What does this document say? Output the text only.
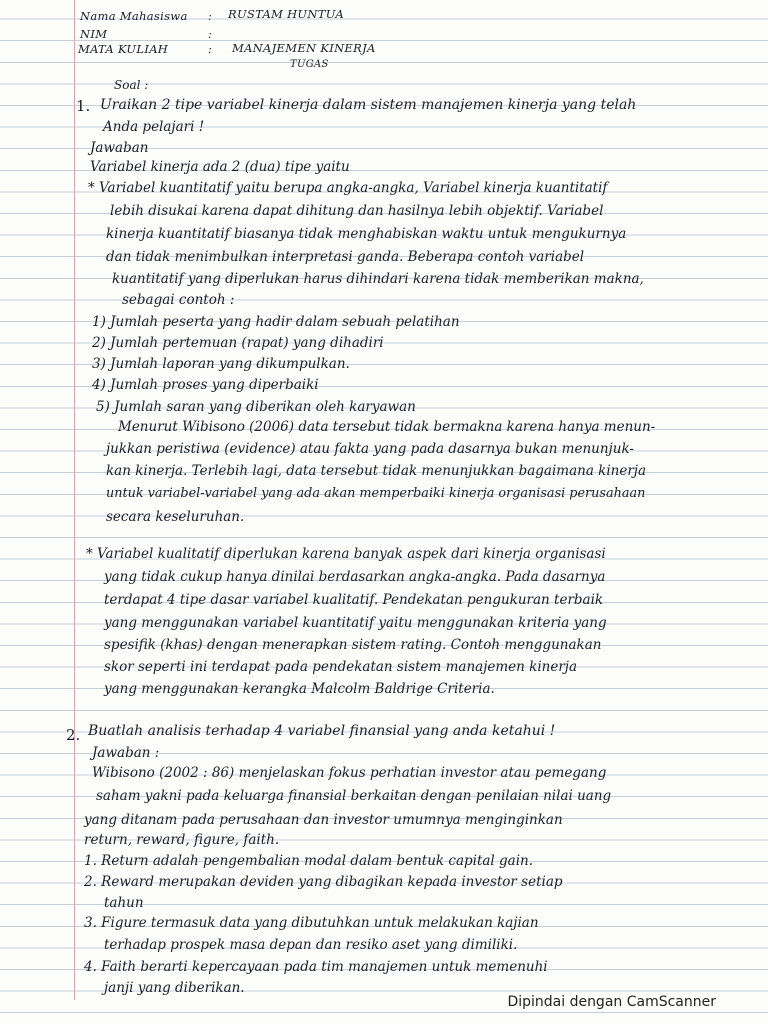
Nama Mahasiswa : RUSTAM HUNTUA
NIM	:
MATA KULIAH	: MANAJEMEN KINERJA
TUGAS
Soal :
1. Uraikan 2 tipe variabel kinerja dalam sistem manajemen kinerja yang telah
Anda pelajari !
Jawaban
Variabel kinerja ada 2 (dua) tipe yaitu
* Variabel kuantitatif yaitu berupa angka-angka, Variabel kinerja kuantitatif
lebih disukai karena dapat dihitung dan hasilnya lebih objektif. Variabel
kinerja kuantitatif biasanya tidak menghabiskan waktu untuk mengukurnya
dan tidak menimbulkan interpretasi ganda. Beberapa contoh variabel
kuantitatif yang diperlukan harus dihindari karena tidak memberikan makna,
sebagai contoh :
1) Jumlah peserta yang hadir dalam sebuah pelatihan
2) Jumlah pertemuan (rapat) yang dihadiri
3) Jumlah laporan yang dikumpulkan.
4) Jumlah proses yang diperbaiki
5) Jumlah saran yang diberikan oleh karyawan
Menurut Wibisono (2006) data tersebut tidak bermakna karena hanya menun-
jukkan peristiwa (evidence) atau fakta yang pada dasarnya bukan menunjuk-
kan kinerja. Terlebih lagi, data tersebut tidak menunjukkan bagaimana kinerja
untuk variabel-variabel yang ada akan memperbaiki kinerja organisasi perusahaan
secara keseluruhan.
* Variabel kualitatif diperlukan karena banyak aspek dari kinerja organisasi
yang tidak cukup hanya dinilai berdasarkan angka-angka. Pada dasarnya
terdapat 4 tipe dasar variabel kualitatif. Pendekatan pengukuran terbaik
yang menggunakan variabel kuantitatif yaitu menggunakan kriteria yang
spesifik (khas) dengan menerapkan sistem rating. Contoh menggunakan
skor seperti ini terdapat pada pendekatan sistem manajemen kinerja
yang menggunakan kerangka Malcolm Baldrige Criteria.
2. Buatlah analisis terhadap 4 variabel finansial yang anda ketahui !
Jawaban :
Wibisono (2002 : 86) menjelaskan fokus perhatian investor atau pemegang
saham yakni pada keluarga finansial berkaitan dengan penilaian nilai uang
yang ditanam pada perusahaan dan investor umumnya menginginkan
return, reward, figure, faith.
1. Return adalah pengembalian modal dalam bentuk capital gain.
2. Reward merupakan deviden yang dibagikan kepada investor setiap
tahun
3. Figure termasuk data yang dibutuhkan untuk melakukan kajian
terhadap prospek masa depan dan resiko aset yang dimiliki.
4. Faith berarti kepercayaan pada tim manajemen untuk memenuhi
janji yang diberikan.
Dipindai dengan CamScanner
